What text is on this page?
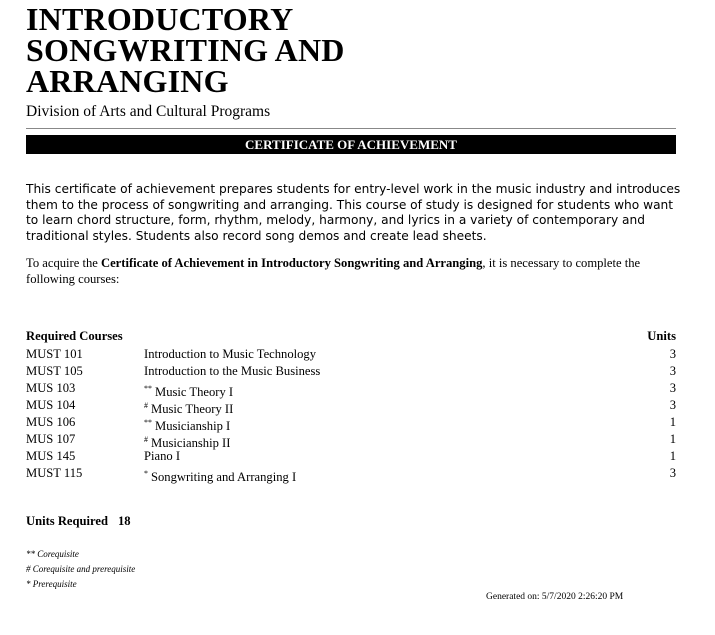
INTRODUCTORY
SONGWRITING AND
ARRANGING
Division of Arts and Cultural Programs
CERTIFICATE OF ACHIEVEMENT

This certificate of achievement prepares students for entry-level work in the music industry and introduces them to the process of songwriting and arranging. This course of study is designed for students who want to learn chord structure, form, rhythm, melody, harmony, and lyrics in a variety of contemporary and traditional styles. Students also record song demos and create lead sheets.

To acquire the Certificate of Achievement in Introductory Songwriting and Arranging, it is necessary to complete the following courses:

Required Courses	Units
MUST 101	Introduction to Music Technology	3
MUST 105	Introduction to the Music Business	3
MUS 103	** Music Theory I	3
MUS 104	# Music Theory II	3
MUS 106	** Musicianship I	1
MUS 107	# Musicianship II	1
MUS 145	Piano I	1
MUST 115	* Songwriting and Arranging I	3
Units Required 18
** Corequisite
# Corequisite and prerequisite
* Prerequisite
Generated on: 5/7/2020 2:26:20 PM
